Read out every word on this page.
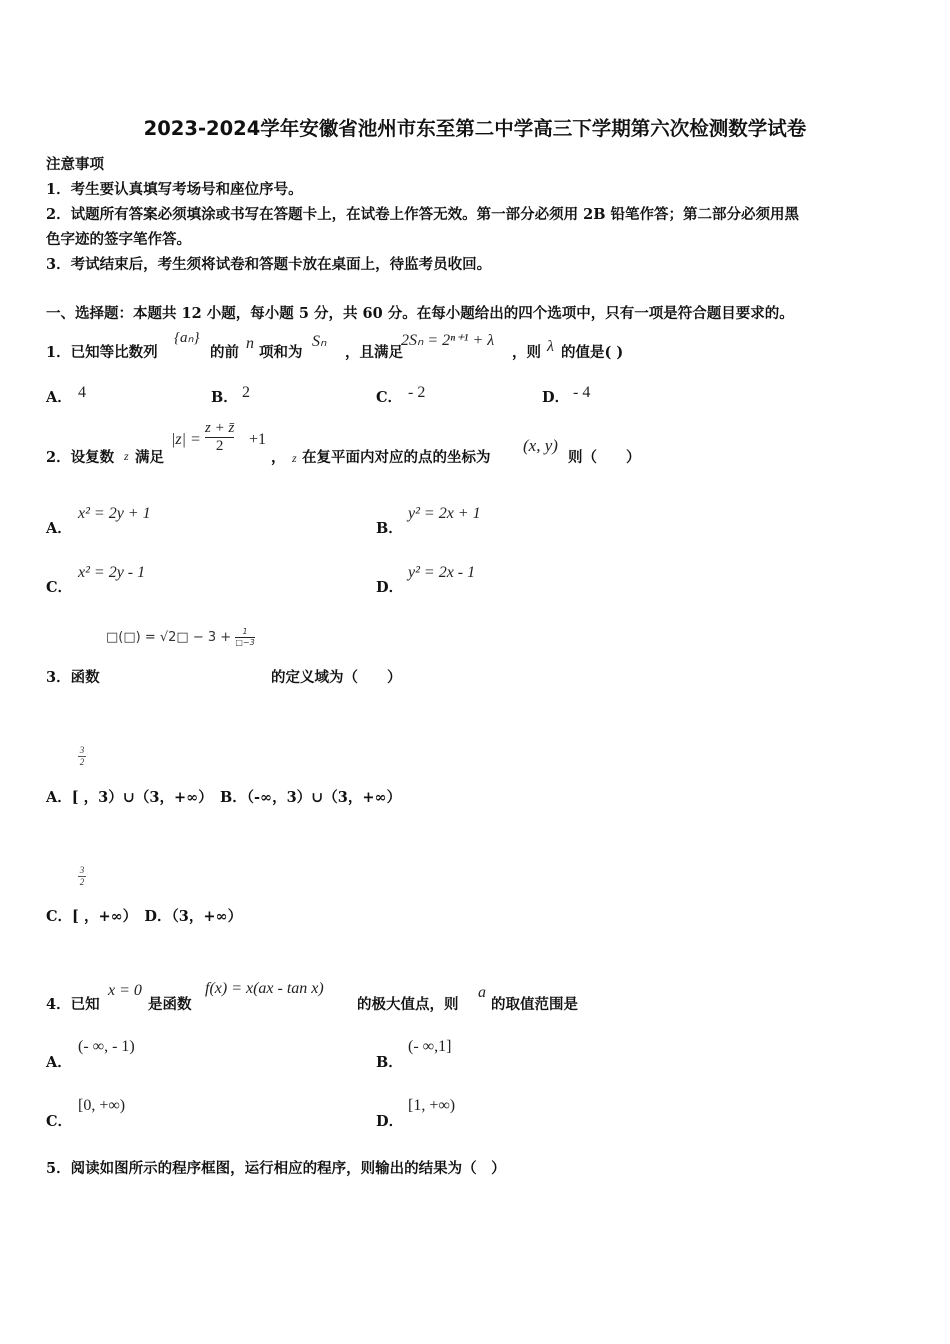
2023-2024学年安徽省池州市东至第二中学高三下学期第六次检测数学试卷
注意事项
1．考生要认真填写考场号和座位序号。
2．试题所有答案必须填涂或书写在答题卡上，在试卷上作答无效。第一部分必须用 2B 铅笔作答；第二部分必须用黑
色字迹的签字笔作答。
3．考试结束后，考生须将试卷和答题卡放在桌面上，待监考员收回。
一、选择题：本题共 12 小题，每小题 5 分，共 60 分。在每小题给出的四个选项中，只有一项是符合题目要求的。
1．已知等比数列
{aₙ}
的前
n
项和为
Sₙ
，且满足
2Sₙ = 2ⁿ⁺¹ + λ
，则 λ 的值是( )
A． 4	B． 2	C． - 2	D． - 4
2．设复数 z 满足
$|z| = \frac{z + z̄}{2} +1$
， z 在复平面内对应的点的坐标为
(x, y)
则（　　）
A．
x² = 2y + 1
B．
y² = 2x + 1
C．
x² = 2y - 1
D．
y² = 2x - 1
□(□) = √2□ − $3 + \frac{1}{□-3}$
3．函数	的定义域为（　　）
3
2
A．[ ，3）∪（3，+∞）　B．（-∞，3）∪（3，+∞）
3
2
C．[ ，+∞）　D．（3，+∞）
4．已知
x = 0
是函数
f(x) = x(ax - tan x)
的极大值点，则
a
的取值范围是
A．
(- ∞, - 1)
B．
(- ∞,1]
C．
[0, +∞)
D．
[1, +∞)
5．阅读如图所示的程序框图，运行相应的程序，则输出的结果为（　）
